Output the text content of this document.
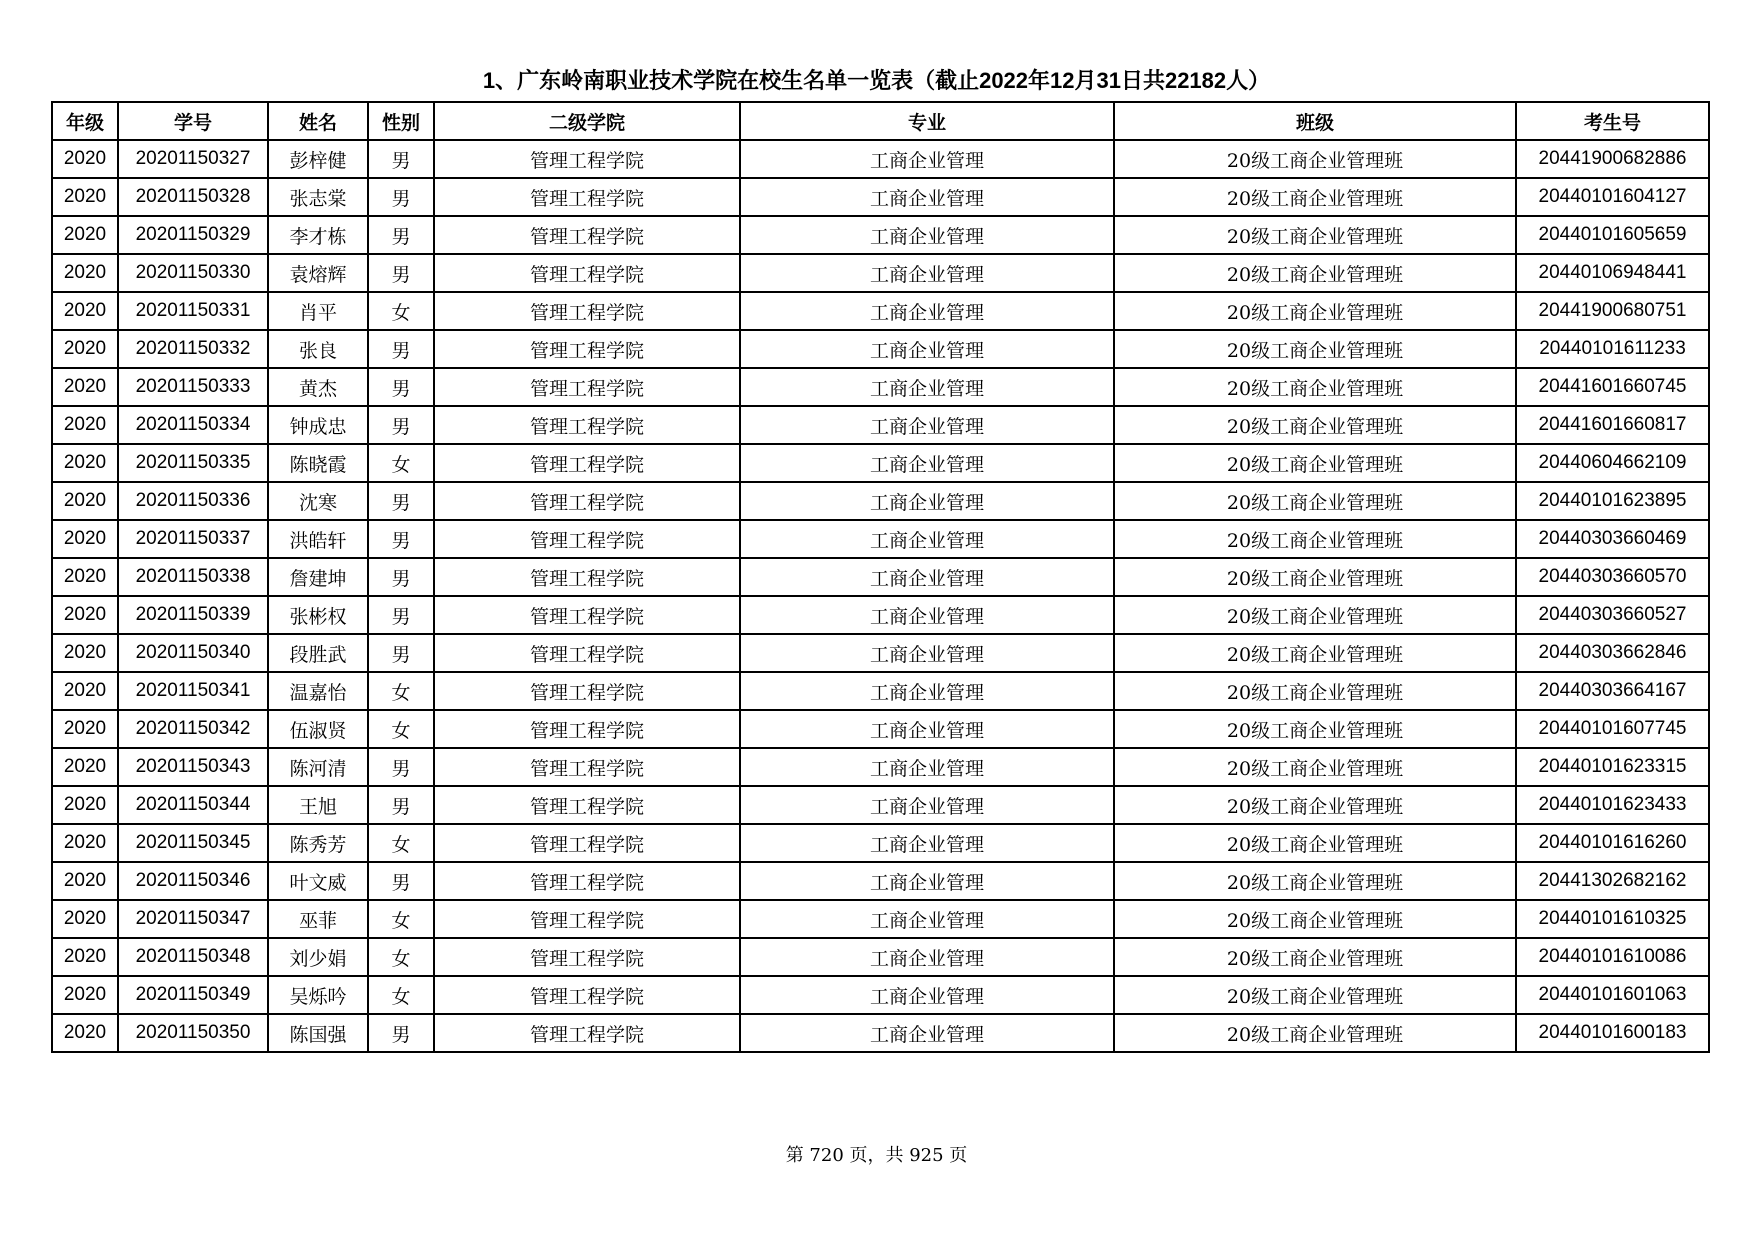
1、广东岭南职业技术学院在校生名单一览表（截止2022年12月31日共22182人）
年级	学号	姓名	性别	二级学院	专业	班级	考生号
2020	20201150327	彭梓健	男	管理工程学院	工商企业管理	20级工商企业管理班	20441900682886
2020	20201150328	张志棠	男	管理工程学院	工商企业管理	20级工商企业管理班	20440101604127
2020	20201150329	李才栋	男	管理工程学院	工商企业管理	20级工商企业管理班	20440101605659
2020	20201150330	袁熔辉	男	管理工程学院	工商企业管理	20级工商企业管理班	20440106948441
2020	20201150331	肖平	女	管理工程学院	工商企业管理	20级工商企业管理班	20441900680751
2020	20201150332	张良	男	管理工程学院	工商企业管理	20级工商企业管理班	20440101611233
2020	20201150333	黄杰	男	管理工程学院	工商企业管理	20级工商企业管理班	20441601660745
2020	20201150334	钟成忠	男	管理工程学院	工商企业管理	20级工商企业管理班	20441601660817
2020	20201150335	陈晓霞	女	管理工程学院	工商企业管理	20级工商企业管理班	20440604662109
2020	20201150336	沈寒	男	管理工程学院	工商企业管理	20级工商企业管理班	20440101623895
2020	20201150337	洪皓轩	男	管理工程学院	工商企业管理	20级工商企业管理班	20440303660469
2020	20201150338	詹建坤	男	管理工程学院	工商企业管理	20级工商企业管理班	20440303660570
2020	20201150339	张彬权	男	管理工程学院	工商企业管理	20级工商企业管理班	20440303660527
2020	20201150340	段胜武	男	管理工程学院	工商企业管理	20级工商企业管理班	20440303662846
2020	20201150341	温嘉怡	女	管理工程学院	工商企业管理	20级工商企业管理班	20440303664167
2020	20201150342	伍淑贤	女	管理工程学院	工商企业管理	20级工商企业管理班	20440101607745
2020	20201150343	陈河清	男	管理工程学院	工商企业管理	20级工商企业管理班	20440101623315
2020	20201150344	王旭	男	管理工程学院	工商企业管理	20级工商企业管理班	20440101623433
2020	20201150345	陈秀芳	女	管理工程学院	工商企业管理	20级工商企业管理班	20440101616260
2020	20201150346	叶文威	男	管理工程学院	工商企业管理	20级工商企业管理班	20441302682162
2020	20201150347	巫菲	女	管理工程学院	工商企业管理	20级工商企业管理班	20440101610325
2020	20201150348	刘少娟	女	管理工程学院	工商企业管理	20级工商企业管理班	20440101610086
2020	20201150349	吴烁吟	女	管理工程学院	工商企业管理	20级工商企业管理班	20440101601063
2020	20201150350	陈国强	男	管理工程学院	工商企业管理	20级工商企业管理班	20440101600183
第 720 页，共 925 页
